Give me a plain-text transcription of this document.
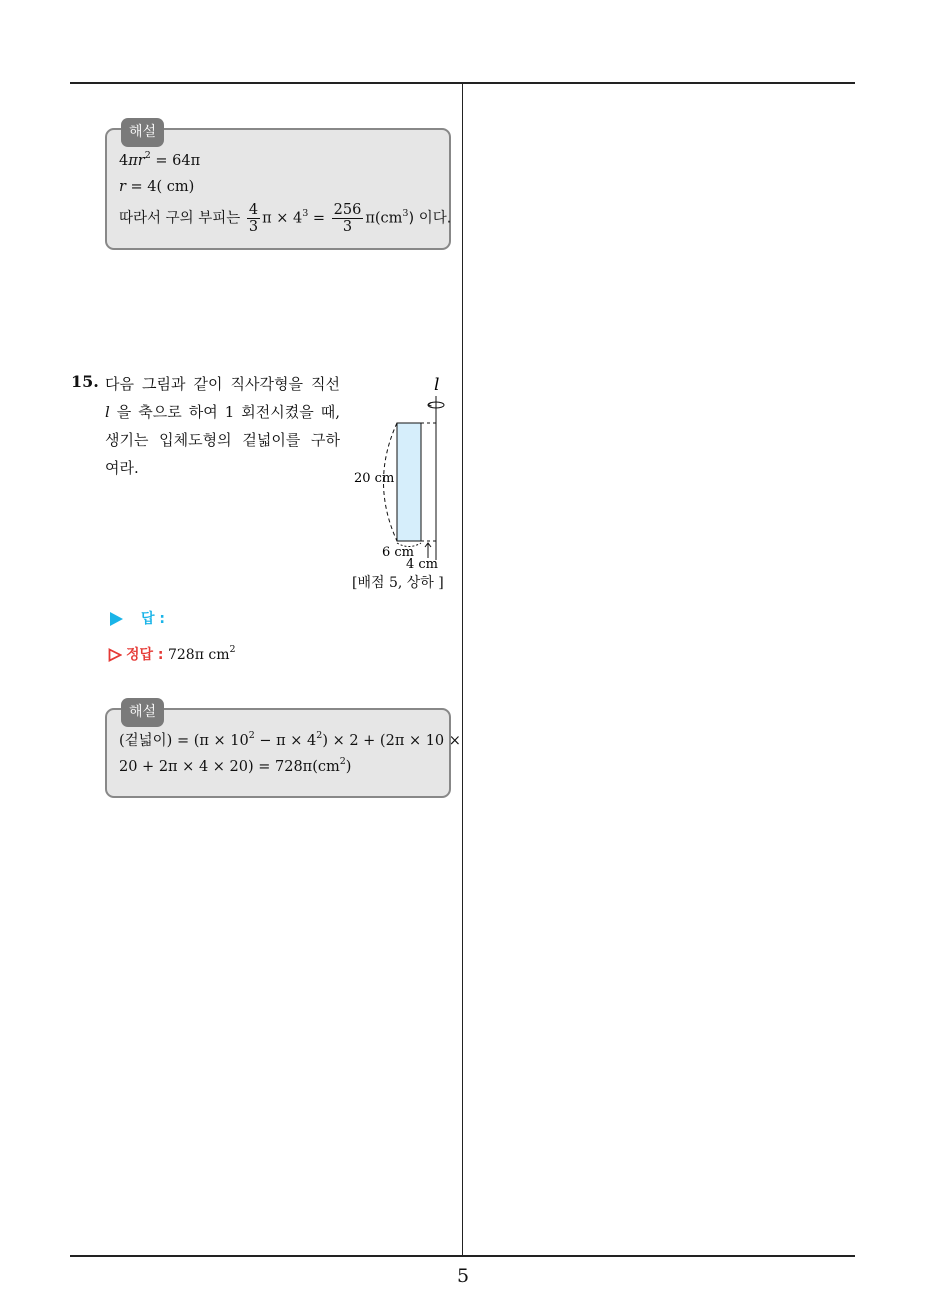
해설
$4\pi r^2 = 64\pi$
r = 4( cm)
따라서 구의 부피는 $\frac{4}{3}$ $\pi \times 4^3 = \frac{256}{3} \pi(cm^3)$ 이다.
15. 다음 그림과 같이 직사각형을 직선
l 을 축으로 하여 1 회전시켰을 때,
생기는 입체도형의 겉넓이를 구하
여라.
l
20 cm
6 cm
4 cm
[배점 5, 상하 ]
답 :
정답 : 728π $cm^2$
해설
(겉넓이) = $(\pi \times 10^2 - \pi \times 4^2) \times 2 + (2\pi \times 10$ ×
$20 + 2\pi \times 4 \times 20) = 728\pi(cm^2)$
5
